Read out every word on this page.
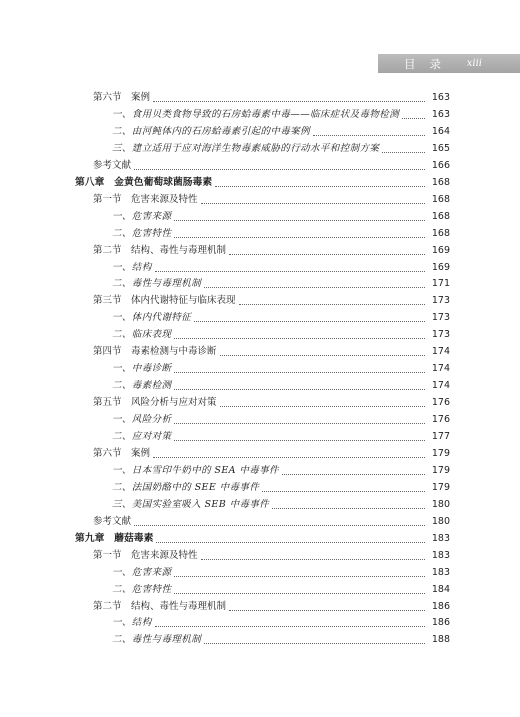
目录 xiii
第六节　案例	163
一、食用贝类食物导致的石房蛤毒素中毒——临床症状及毒物检测	163
二、由河鲀体内的石房蛤毒素引起的中毒案例	164
三、建立适用于应对海洋生物毒素威胁的行动水平和控制方案	165
参考文献	166
第八章　金黄色葡萄球菌肠毒素	168
第一节　危害来源及特性	168
一、危害来源	168
二、危害特性	168
第二节　结构、毒性与毒理机制	169
一、结构	169
二、毒性与毒理机制	171
第三节　体内代谢特征与临床表现	173
一、体内代谢特征	173
二、临床表现	173
第四节　毒素检测与中毒诊断	174
一、中毒诊断	174
二、毒素检测	174
第五节　风险分析与应对对策	176
一、风险分析	176
二、应对对策	177
第六节　案例	179
一、日本雪印牛奶中的 SEA 中毒事件	179
二、法国奶酪中的 SEE 中毒事件	179
三、美国实验室吸入 SEB 中毒事件	180
参考文献	180
第九章　蘑菇毒素	183
第一节　危害来源及特性	183
一、危害来源	183
二、危害特性	184
第二节　结构、毒性与毒理机制	186
一、结构	186
二、毒性与毒理机制	188
